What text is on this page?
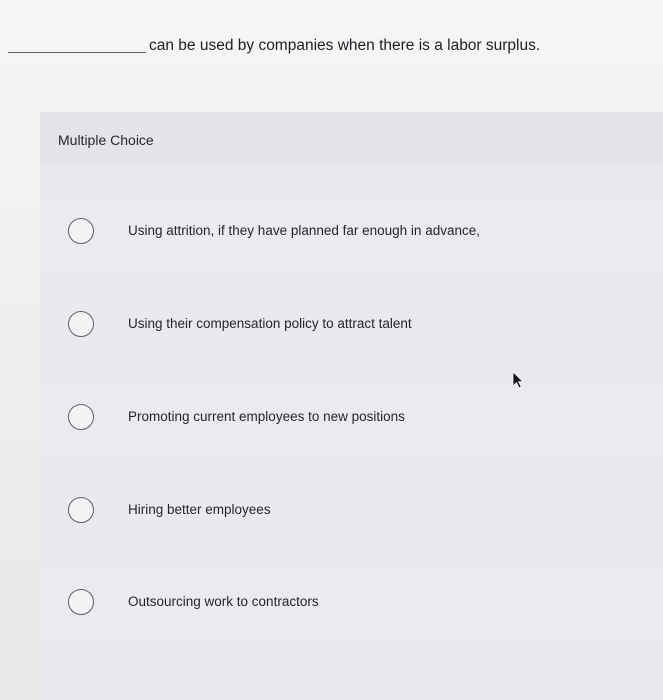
can be used by companies when there is a labor surplus.
Multiple Choice
Using attrition, if they have planned far enough in advance,
Using their compensation policy to attract talent
Promoting current employees to new positions
Hiring better employees
Outsourcing work to contractors
